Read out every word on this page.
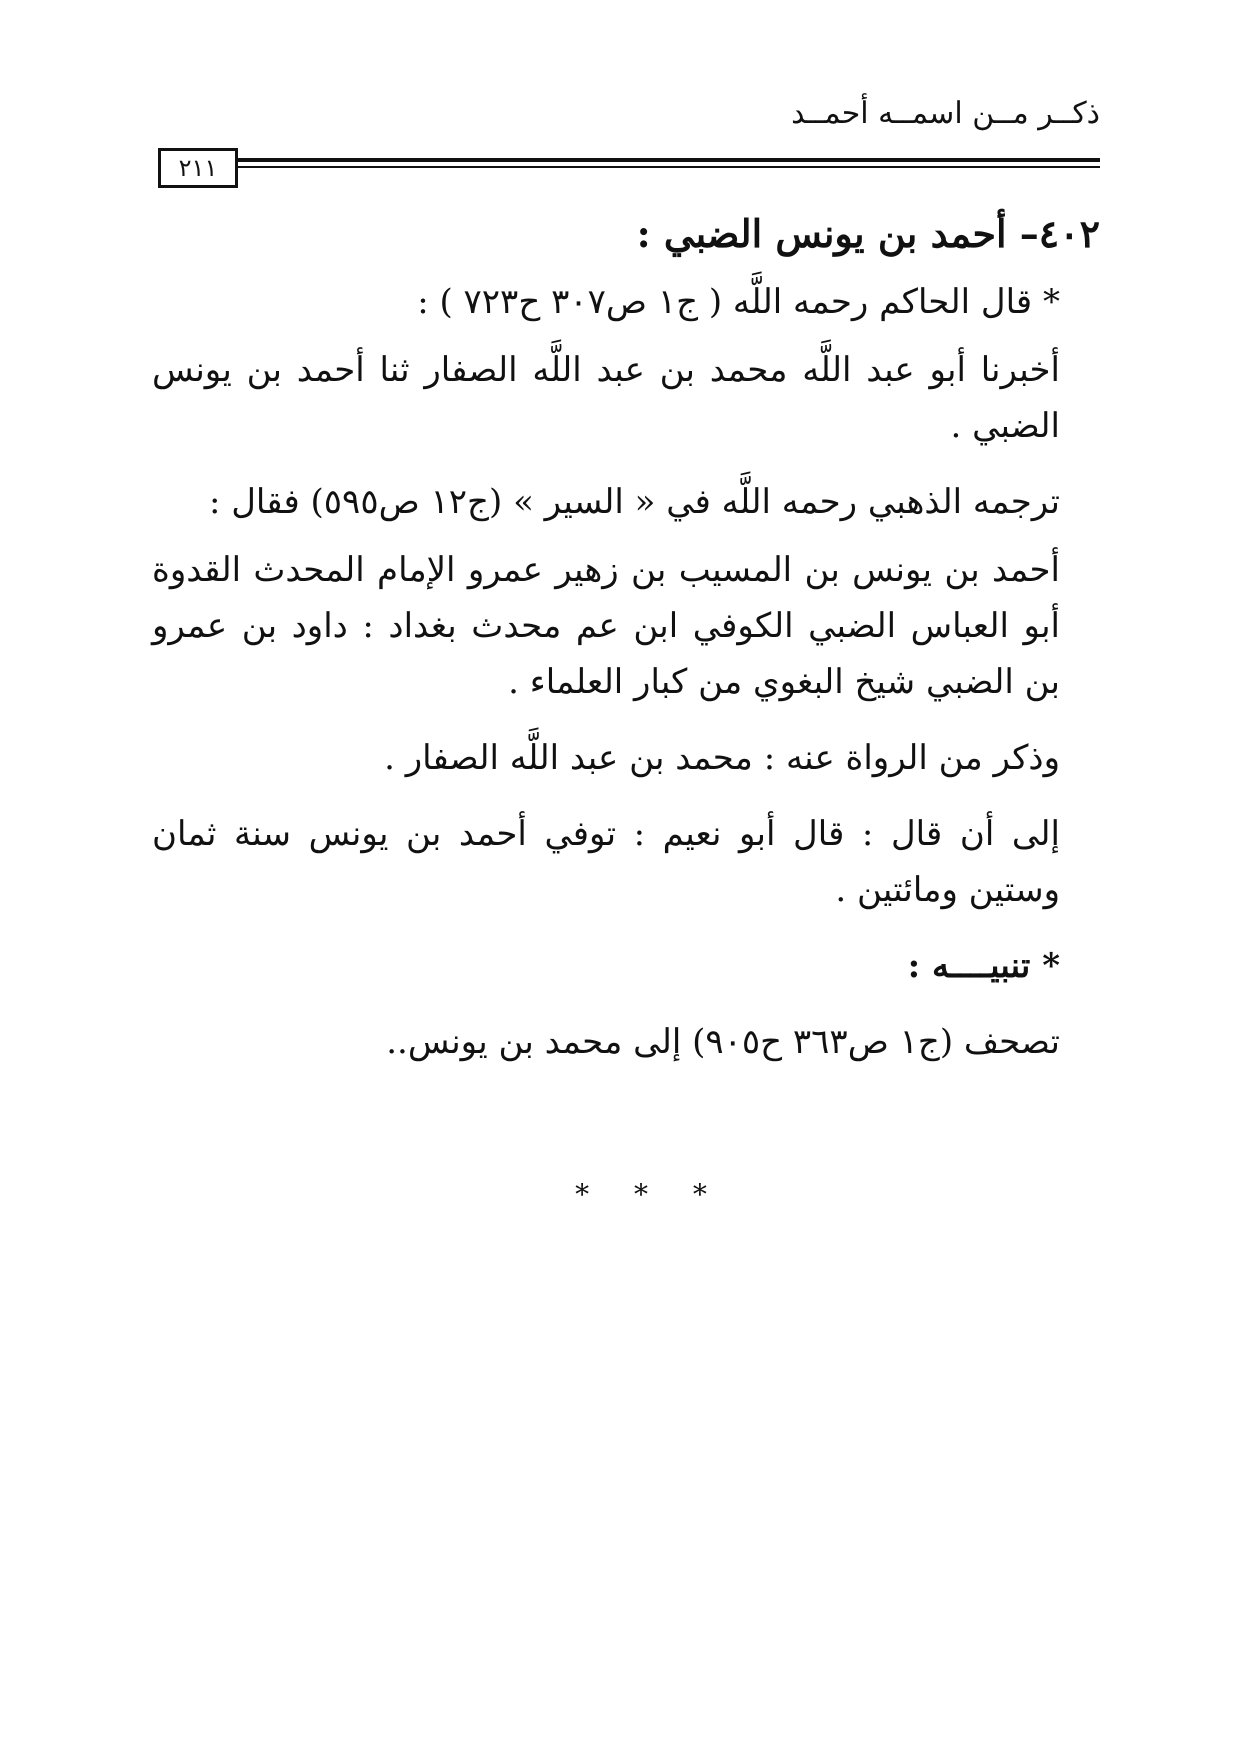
ذكــر مــن اسمــه أحمــد
٢١١

٤٠٢– أحمد بن يونس الضبي :

* قال الحاكم رحمه اللَّه ( ج١ ص٣٠٧ ح٧٢٣ ) :

أخبرنا أبو عبد اللَّه محمد بن عبد اللَّه الصفار ثنا أحمد بن يونس الضبي .

ترجمه الذهبي رحمه اللَّه في « السير » (ج١٢ ص٥٩٥) فقال :

أحمد بن يونس بن المسيب بن زهير عمرو الإمام المحدث القدوة أبو العباس الضبي الكوفي ابن عم محدث بغداد : داود بن عمرو بن الضبي شيخ البغوي من كبار العلماء .

وذكر من الرواة عنه : محمد بن عبد اللَّه الصفار .

إلى أن قال : قال أبو نعيم : توفي أحمد بن يونس سنة ثمان وستين ومائتين .

* تنبيــــه :

تصحف (ج١ ص٣٦٣ ح٩٠٥) إلى محمد بن يونس..

* * *
